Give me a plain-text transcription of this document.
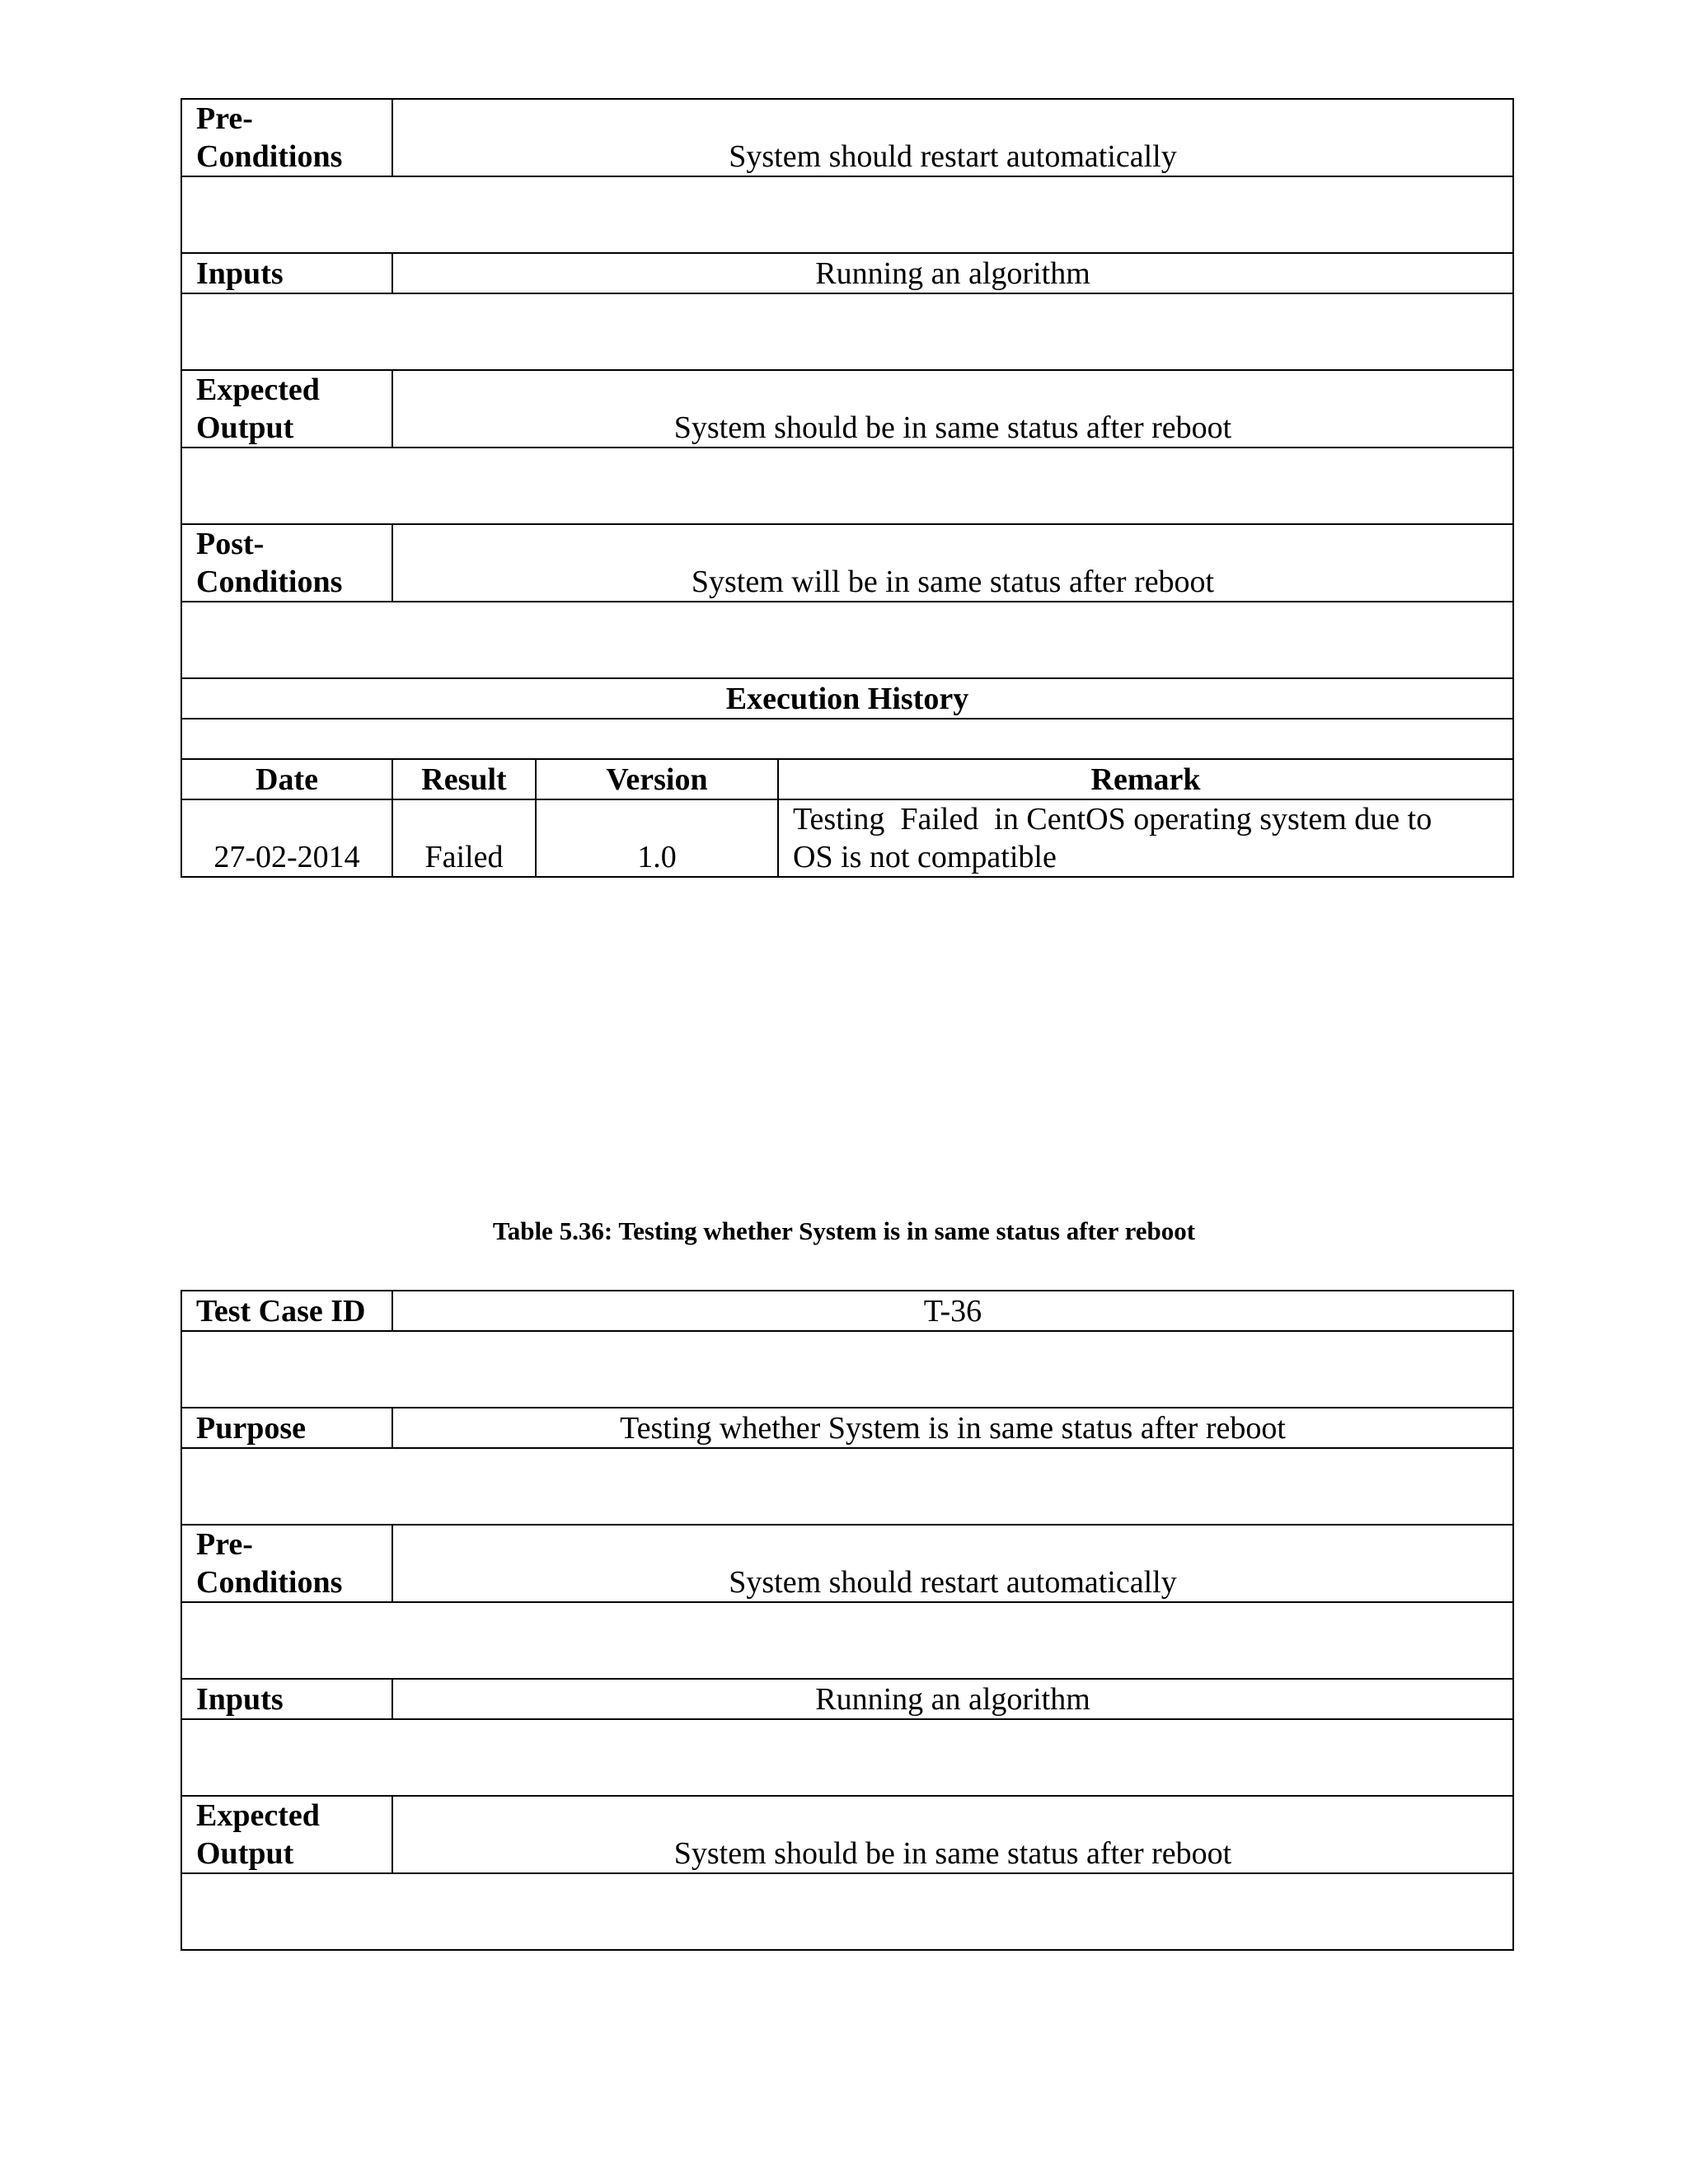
Pre-
Conditions	System should restart automatically		

Inputs	Running an algorithm		

Expected
Output	System should be in same status after reboot		

Post-
Conditions	System will be in same status after reboot		

Execution History			

Date	Result	Version	Remark
27-02-2014	Failed	1.0	Testing  Failed  in CentOS operating system due to
OS is not compatible
Table 5.36: Testing whether System is in same status after reboot
Test Case ID	T-36

Purpose	Testing whether System is in same status after reboot

Pre-
Conditions	System should restart automatically

Inputs	Running an algorithm

Expected
Output	System should be in same status after reboot
